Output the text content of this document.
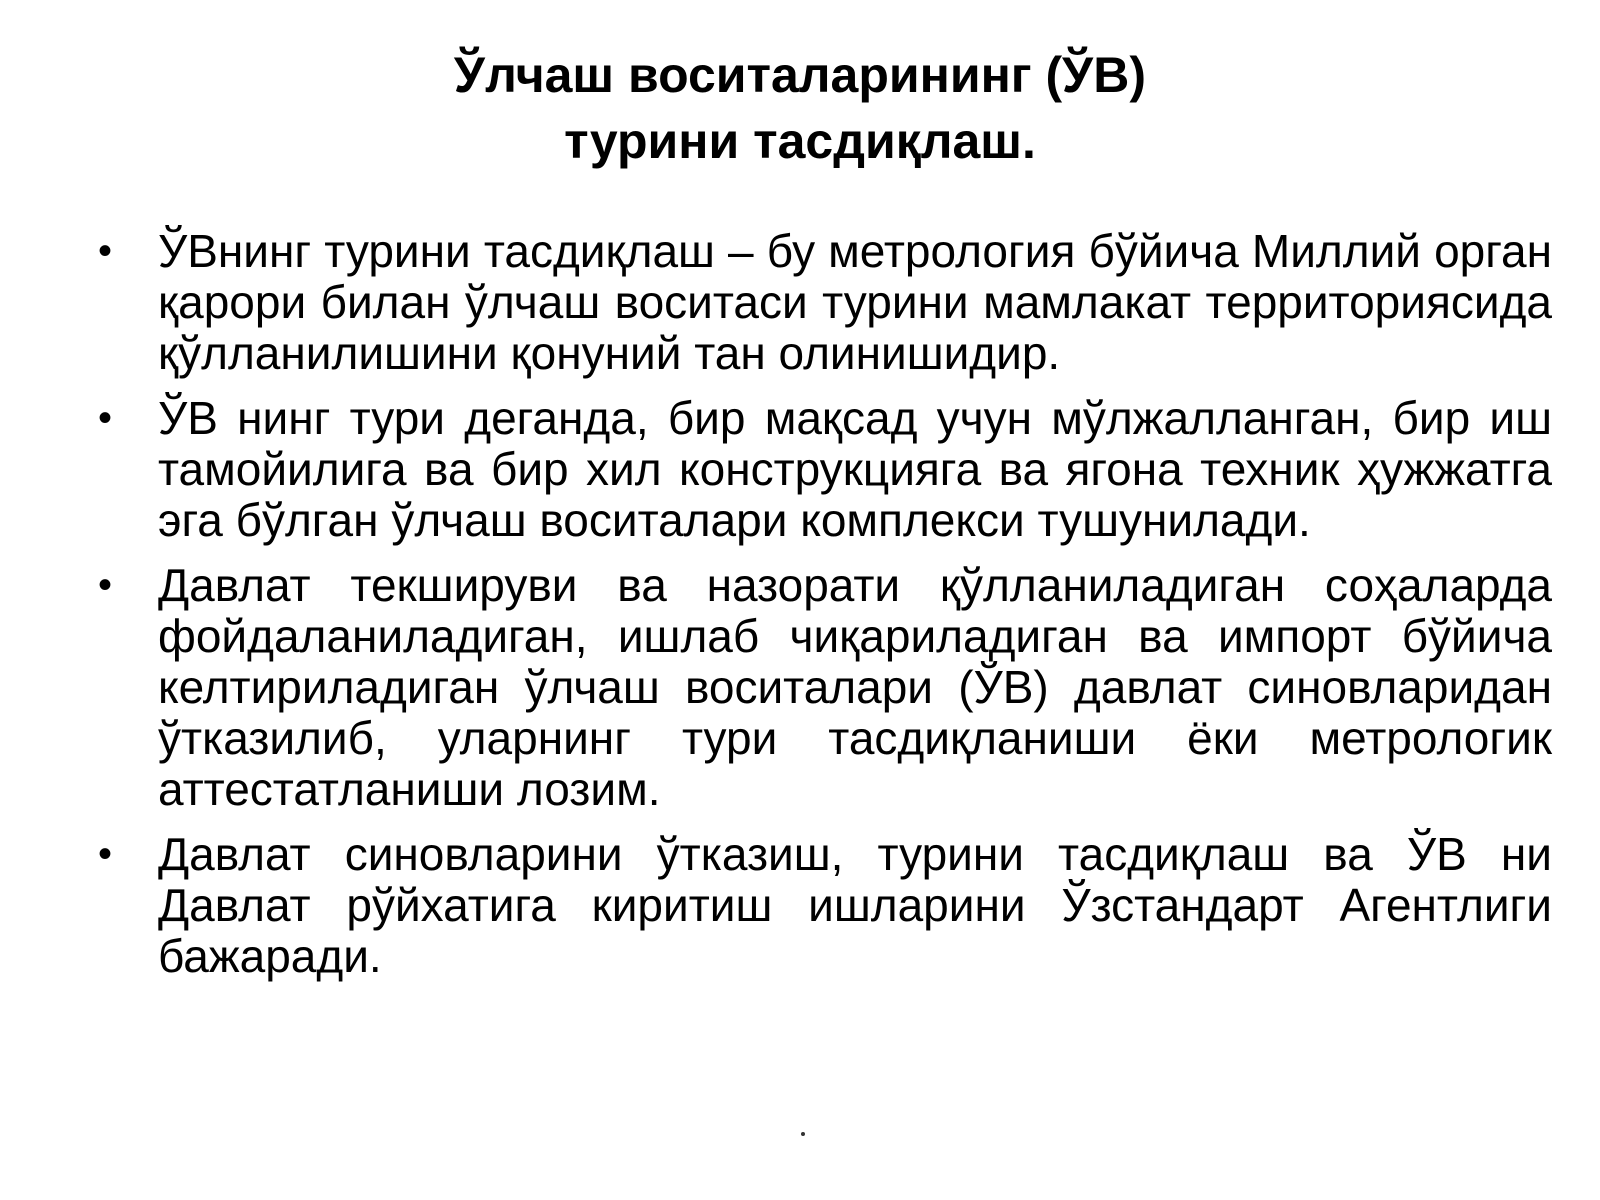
Ўлчаш воситаларининг (ЎВ)
турини тасдиқлаш.
• ЎВнинг турини тасдиқлаш – бу метрология бўйича Миллий орган қарори билан ўлчаш воситаси турини мамлакат территориясида қўлланилишини қонуний тан олинишидир.
• ЎВ нинг тури деганда, бир мақсад учун мўлжалланган, бир иш тамойилига ва бир хил конструкцияга ва ягона техник ҳужжатга эга бўлган ўлчаш воситалари комплекси тушунилади.
• Давлат текшируви ва назорати қўлланиладиган соҳаларда фойдаланиладиган, ишлаб чиқариладиган ва импорт бўйича келтириладиган ўлчаш воситалари (ЎВ) давлат синовларидан ўтказилиб, уларнинг тури тасдиқланиши ёки метрологик аттестатланиши лозим.
• Давлат синовларини ўтказиш, турини тасдиқлаш ва ЎВ ни Давлат рўйхатига киритиш ишларини Ўзстандарт Агентлиги бажаради.
